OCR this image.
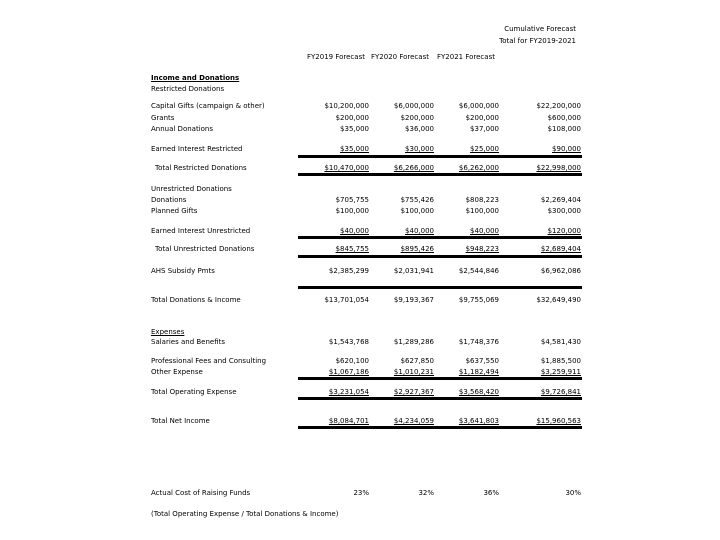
Cumulative Forecast
Total for FY2019-2021
FY2019 Forecast FY2020 Forecast FY2021 Forecast
Income and Donations
Restricted Donations
Capital Gifts (campaign & other)	$10,200,000	$6,000,000	$6,000,000	$22,200,000
Grants	$200,000	$200,000	$200,000	$600,000
Annual Donations	$35,000	$36,000	$37,000	$108,000
Earned Interest Restricted	$35,000	$30,000	$25,000	$90,000
Total Restricted Donations	$10,470,000	$6,266,000	$6,262,000	$22,998,000
Unrestricted Donations
Donations	$705,755	$755,426	$808,223	$2,269,404
Planned Gifts	$100,000	$100,000	$100,000	$300,000
Earned Interest Unrestricted	$40,000	$40,000	$40,000	$120,000
Total Unrestricted Donations	$845,755	$895,426	$948,223	$2,689,404
AHS Subsidy Pmts	$2,385,299	$2,031,941	$2,544,846	$6,962,086
Total Donations & Income	$13,701,054	$9,193,367	$9,755,069	$32,649,490
Expenses
Salaries and Benefits	$1,543,768	$1,289,286	$1,748,376	$4,581,430
Professional Fees and Consulting	$620,100	$627,850	$637,550	$1,885,500
Other Expense	$1,067,186	$1,010,231	$1,182,494	$3,259,911
Total Operating Expense	$3,231,054	$2,927,367	$3,568,420	$9,726,841
Total Net Income	$8,084,701	$4,234,059	$3,641,803	$15,960,563
Actual Cost of Raising Funds	23%	32%	36%	30%
(Total Operating Expense / Total Donations & Income)
